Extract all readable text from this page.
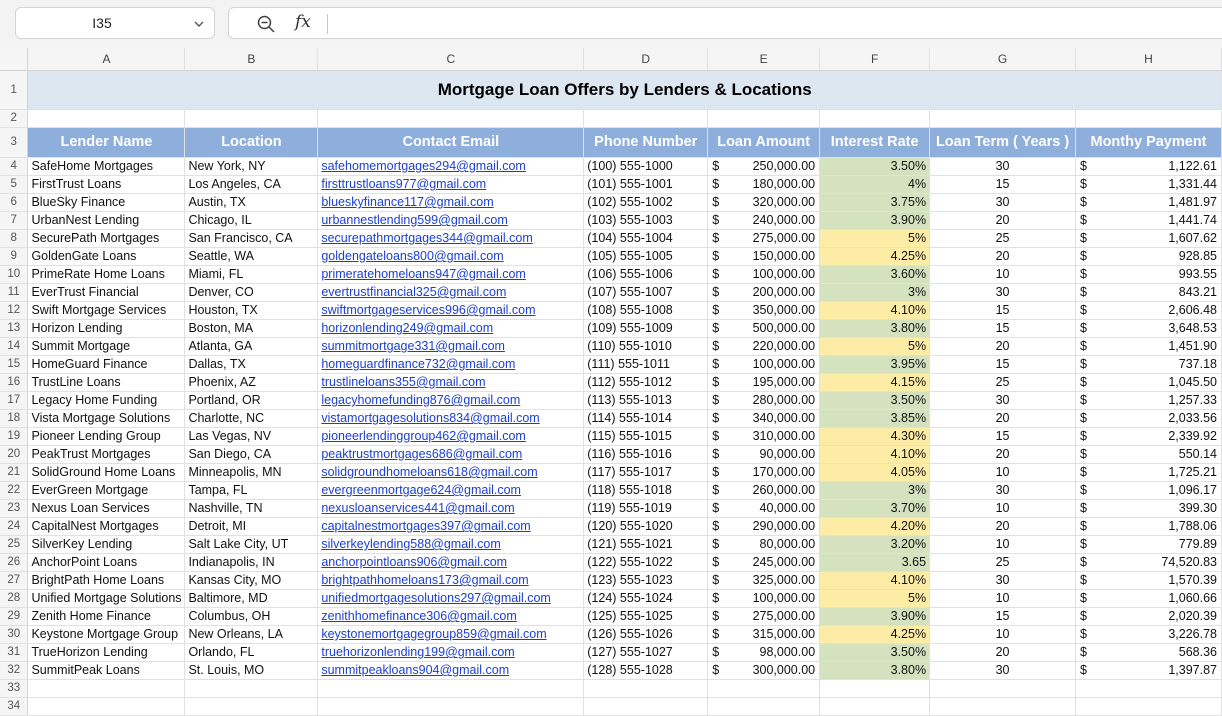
I35	fx
	A	B	C	D	E	F	G	H
1	Mortgage Loan Offers by Lenders & Locations							
2								
3	Lender Name	Location	Contact Email	Phone Number	Loan Amount	Interest Rate	Loan Term ( Years )	Monthy Payment
4	SafeHome Mortgages	New York, NY	safehomemortgages294@gmail.com	(100) 555-1000	$ 250,000.00	3.50%	30	$ 1,122.61

5	FirstTrust Loans	Los Angeles, CA	firsttrustloans977@gmail.com	(101) 555-1001	$ 180,000.00	4%	15	$ 1,331.44

6	BlueSky Finance	Austin, TX	blueskyfinance117@gmail.com	(102) 555-1002	$ 320,000.00	3.75%	30	$ 1,481.97

7	UrbanNest Lending	Chicago, IL	urbannestlending599@gmail.com	(103) 555-1003	$ 240,000.00	3.90%	20	$ 1,441.74

8	SecurePath Mortgages	San Francisco, CA	securepathmortgages344@gmail.com	(104) 555-1004	$ 275,000.00	5%	25	$ 1,607.62

9	GoldenGate Loans	Seattle, WA	goldengateloans800@gmail.com	(105) 555-1005	$ 150,000.00	4.25%	20	$ 928.85

10	PrimeRate Home Loans	Miami, FL	primeratehomeloans947@gmail.com	(106) 555-1006	$ 100,000.00	3.60%	10	$ 993.55

11	EverTrust Financial	Denver, CO	evertrustfinancial325@gmail.com	(107) 555-1007	$ 200,000.00	3%	30	$ 843.21

12	Swift Mortgage Services	Houston, TX	swiftmortgageservices996@gmail.com	(108) 555-1008	$ 350,000.00	4.10%	15	$ 2,606.48

13	Horizon Lending	Boston, MA	horizonlending249@gmail.com	(109) 555-1009	$ 500,000.00	3.80%	15	$ 3,648.53

14	Summit Mortgage	Atlanta, GA	summitmortgage331@gmail.com	(110) 555-1010	$ 220,000.00	5%	20	$ 1,451.90

15	HomeGuard Finance	Dallas, TX	homeguardfinance732@gmail.com	(111) 555-1011	$ 100,000.00	3.95%	15	$ 737.18

16	TrustLine Loans	Phoenix, AZ	trustlineloans355@gmail.com	(112) 555-1012	$ 195,000.00	4.15%	25	$ 1,045.50

17	Legacy Home Funding	Portland, OR	legacyhomefunding876@gmail.com	(113) 555-1013	$ 280,000.00	3.50%	30	$ 1,257.33

18	Vista Mortgage Solutions	Charlotte, NC	vistamortgagesolutions834@gmail.com	(114) 555-1014	$ 340,000.00	3.85%	20	$ 2,033.56

19	Pioneer Lending Group	Las Vegas, NV	pioneerlendinggroup462@gmail.com	(115) 555-1015	$ 310,000.00	4.30%	15	$ 2,339.92

20	PeakTrust Mortgages	San Diego, CA	peaktrustmortgages686@gmail.com	(116) 555-1016	$ 90,000.00	4.10%	20	$ 550.14

21	SolidGround Home Loans	Minneapolis, MN	solidgroundhomeloans618@gmail.com	(117) 555-1017	$ 170,000.00	4.05%	10	$ 1,725.21

22	EverGreen Mortgage	Tampa, FL	evergreenmortgage624@gmail.com	(118) 555-1018	$ 260,000.00	3%	30	$ 1,096.17

23	Nexus Loan Services	Nashville, TN	nexusloanservices441@gmail.com	(119) 555-1019	$ 40,000.00	3.70%	10	$ 399.30

24	CapitalNest Mortgages	Detroit, MI	capitalnestmortgages397@gmail.com	(120) 555-1020	$ 290,000.00	4.20%	20	$ 1,788.06

25	SilverKey Lending	Salt Lake City, UT	silverkeylending588@gmail.com	(121) 555-1021	$ 80,000.00	3.20%	10	$ 779.89

26	AnchorPoint Loans	Indianapolis, IN	anchorpointloans906@gmail.com	(122) 555-1022	$ 245,000.00	3.65	25	$ 74,520.83

27	BrightPath Home Loans	Kansas City, MO	brightpathhomeloans173@gmail.com	(123) 555-1023	$ 325,000.00	4.10%	30	$ 1,570.39

28	Unified Mortgage Solutions	Baltimore, MD	unifiedmortgagesolutions297@gmail.com	(124) 555-1024	$ 100,000.00	5%	10	$ 1,060.66

29	Zenith Home Finance	Columbus, OH	zenithhomefinance306@gmail.com	(125) 555-1025	$ 275,000.00	3.90%	15	$ 2,020.39

30	Keystone Mortgage Group	New Orleans, LA	keystonemortgagegroup859@gmail.com	(126) 555-1026	$ 315,000.00	4.25%	10	$ 3,226.78

31	TrueHorizon Lending	Orlando, FL	truehorizonlending199@gmail.com	(127) 555-1027	$ 98,000.00	3.50%	20	$ 568.36

32	SummitPeak Loans	St. Louis, MO	summitpeakloans904@gmail.com	(128) 555-1028	$ 300,000.00	3.80%	30	$ 1,397.87

33								
34								
